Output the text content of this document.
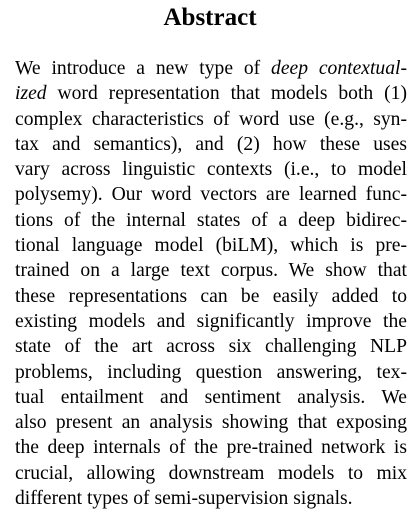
Abstract
We introduce a new type of deep contextual-
ized word representation that models both (1)
complex characteristics of word use (e.g., syn-
tax and semantics), and (2) how these uses
vary across linguistic contexts (i.e., to model
polysemy). Our word vectors are learned func-
tions of the internal states of a deep bidirec-
tional language model (biLM), which is pre-
trained on a large text corpus. We show that
these representations can be easily added to
existing models and significantly improve the
state of the art across six challenging NLP
problems, including question answering, tex-
tual entailment and sentiment analysis. We
also present an analysis showing that exposing
the deep internals of the pre-trained network is
crucial, allowing downstream models to mix
different types of semi-supervision signals.
